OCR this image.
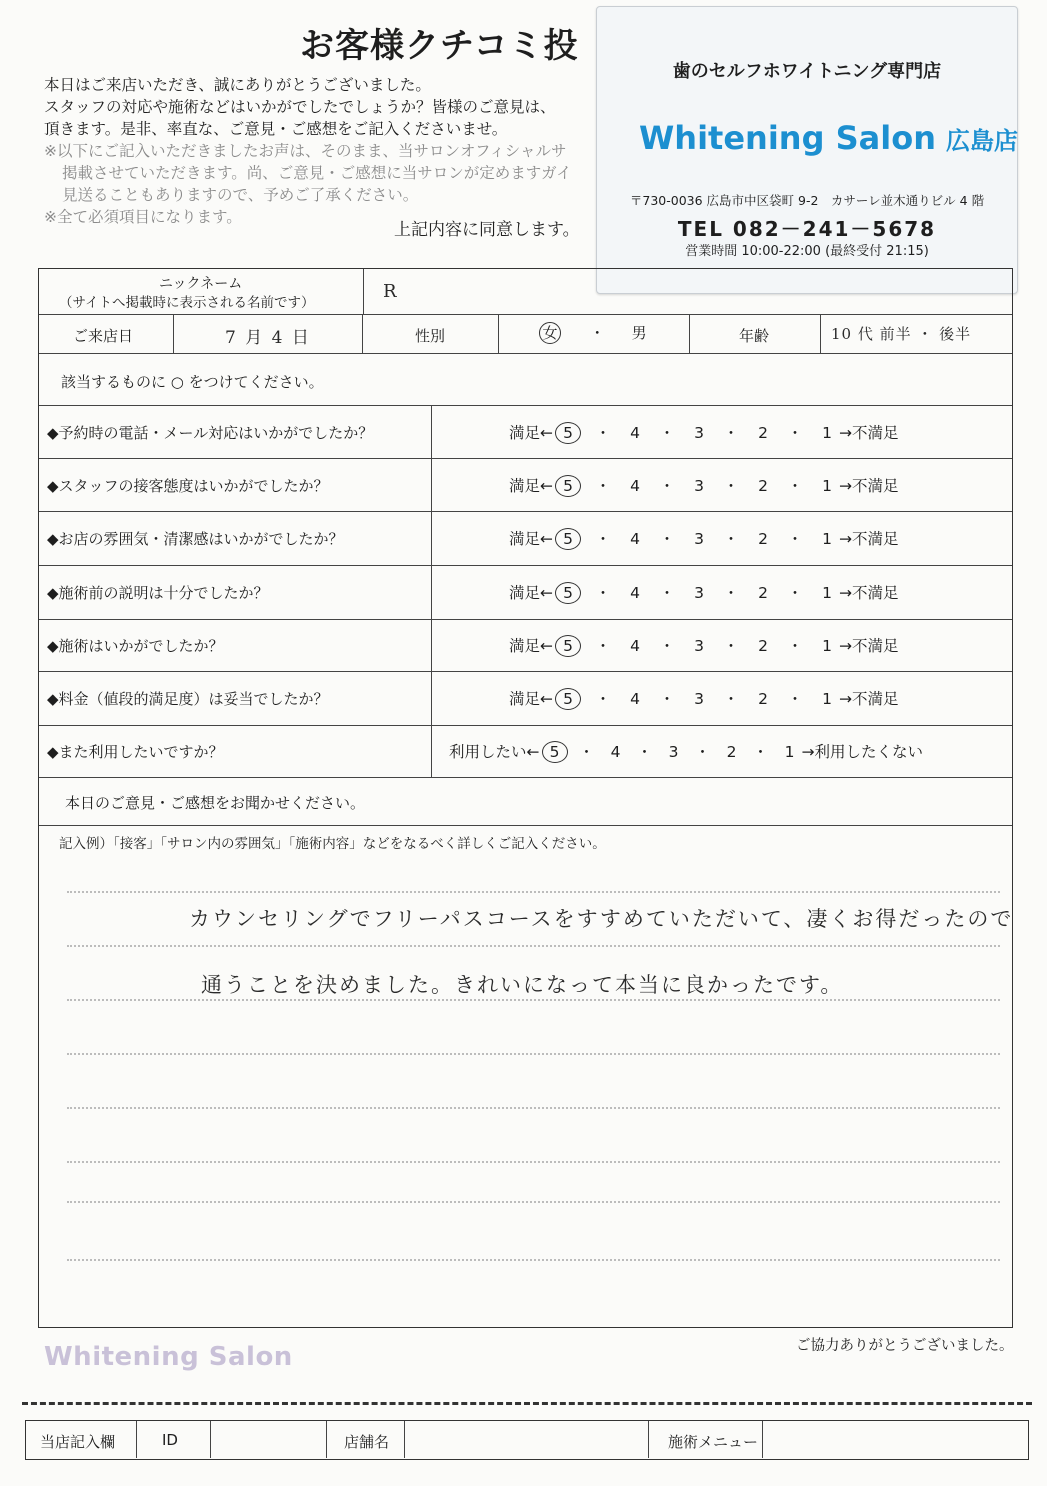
お客様クチコミ投
本日はご来店いただき、誠にありがとうございました。
スタッフの対応や施術などはいかがでしたでしょうか？皆様のご意見は、
頂きます。是非、率直な、ご意見・ご感想をご記入くださいませ。
※以下にご記入いただきましたお声は、そのまま、当サロンオフィシャルサ
掲載させていただきます。尚、ご意見・ご感想に当サロンが定めますガイ
見送ることもありますので、予めご了承ください。
※全て必須項目になります。
上記内容に同意します。
歯のセルフホワイトニング専門店
Whitening Salon 広島店
〒730-0036 広島市中区袋町 9-2　カサーレ並木通りビル 4 階
TEL 082－241－5678
営業時間 10:00-22:00 (最終受付 21:15)
ニックネーム
（サイトへ掲載時に表示される名前です）
R
ご来店日	7 月 4 日	性別	女 ・ 男	年齢	10 代 前半 ・ 後半
該当するものに ○ をつけてください。
◆予約時の電話・メール対応はいかがでしたか？	満足← 5 ・ 4 ・ 3 ・ 2 ・ 1 →不満足
◆スタッフの接客態度はいかがでしたか？	満足← 5 ・ 4 ・ 3 ・ 2 ・ 1 →不満足
◆お店の雰囲気・清潔感はいかがでしたか？	満足← 5 ・ 4 ・ 3 ・ 2 ・ 1 →不満足
◆施術前の説明は十分でしたか？	満足← 5 ・ 4 ・ 3 ・ 2 ・ 1 →不満足
◆施術はいかがでしたか？	満足← 5 ・ 4 ・ 3 ・ 2 ・ 1 →不満足
◆料金（値段的満足度）は妥当でしたか？	満足← 5 ・ 4 ・ 3 ・ 2 ・ 1 →不満足
◆また利用したいですか？	利用したい← 5 ・ 4 ・ 3 ・ 2 ・ 1 →利用したくない
本日のご意見・ご感想をお聞かせください。
記入例）「接客」「サロン内の雰囲気」「施術内容」などをなるべく詳しくご記入ください。
カウンセリングでフリーパスコースをすすめていただいて、凄くお得だったので
通うことを決めました。きれいになって本当に良かったです。
ご協力ありがとうございました。
Whitening Salon
当店記入欄	ID	店舗名	施術メニュー
